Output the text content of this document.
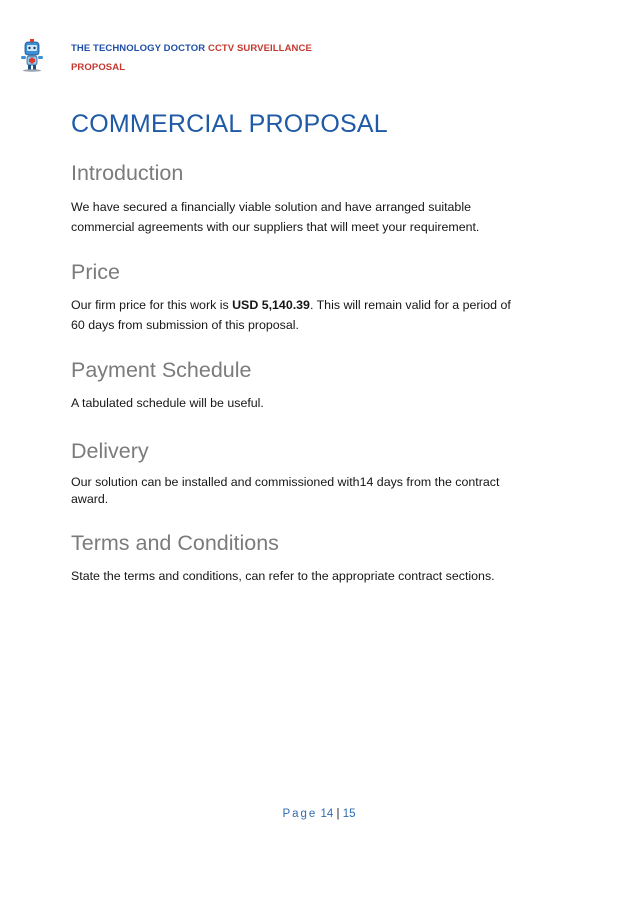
THE TECHNOLOGY DOCTOR CCTV SURVEILLANCE
PROPOSAL
COMMERCIAL PROPOSAL
Introduction

We have secured a financially viable solution and have arranged suitable

commercial agreements with our suppliers that will meet your requirement.

Price

Our firm price for this work is USD 5,140.39. This will remain valid for a period of

60 days from submission of this proposal.

Payment Schedule

A tabulated schedule will be useful.

Delivery

Our solution can be installed and commissioned with14 days from the contract

award.

Terms and Conditions

State the terms and conditions, can refer to the appropriate contract sections.

Page 14 | 15
